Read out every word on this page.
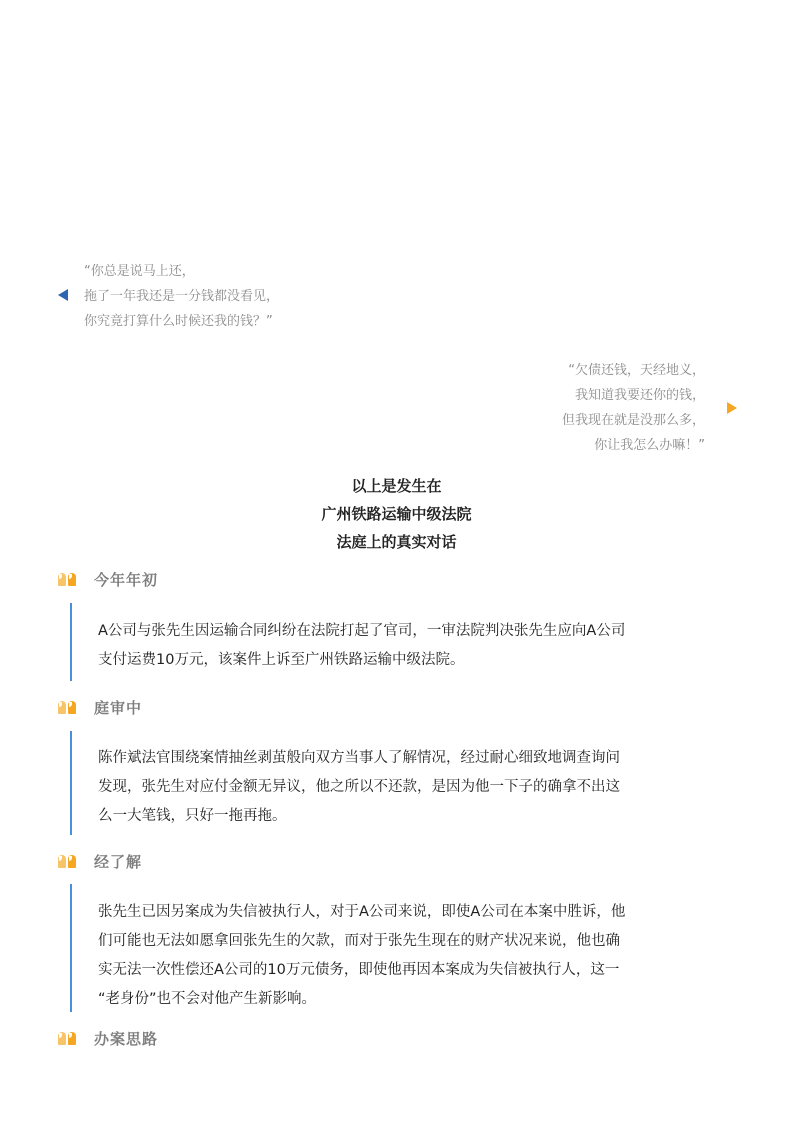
“你总是说马上还，
拖了一年我还是一分钱都没看见，
你究竟打算什么时候还我的钱？”
“欠债还钱，天经地义，
我知道我要还你的钱，
但我现在就是没那么多，
你让我怎么办嘛！”
以上是发生在
广州铁路运输中级法院
法庭上的真实对话
今年年初
A公司与张先生因运输合同纠纷在法院打起了官司，一审法院判决张先生应向A公司
支付运费10万元，该案件上诉至广州铁路运输中级法院。
庭审中
陈作斌法官围绕案情抽丝剥茧般向双方当事人了解情况，经过耐心细致地调查询问
发现，张先生对应付金额无异议，他之所以不还款，是因为他一下子的确拿不出这
么一大笔钱，只好一拖再拖。
经了解
张先生已因另案成为失信被执行人，对于A公司来说，即使A公司在本案中胜诉，他
们可能也无法如愿拿回张先生的欠款，而对于张先生现在的财产状况来说，他也确
实无法一次性偿还A公司的10万元债务，即使他再因本案成为失信被执行人，这一
“老身份”也不会对他产生新影响。
办案思路
